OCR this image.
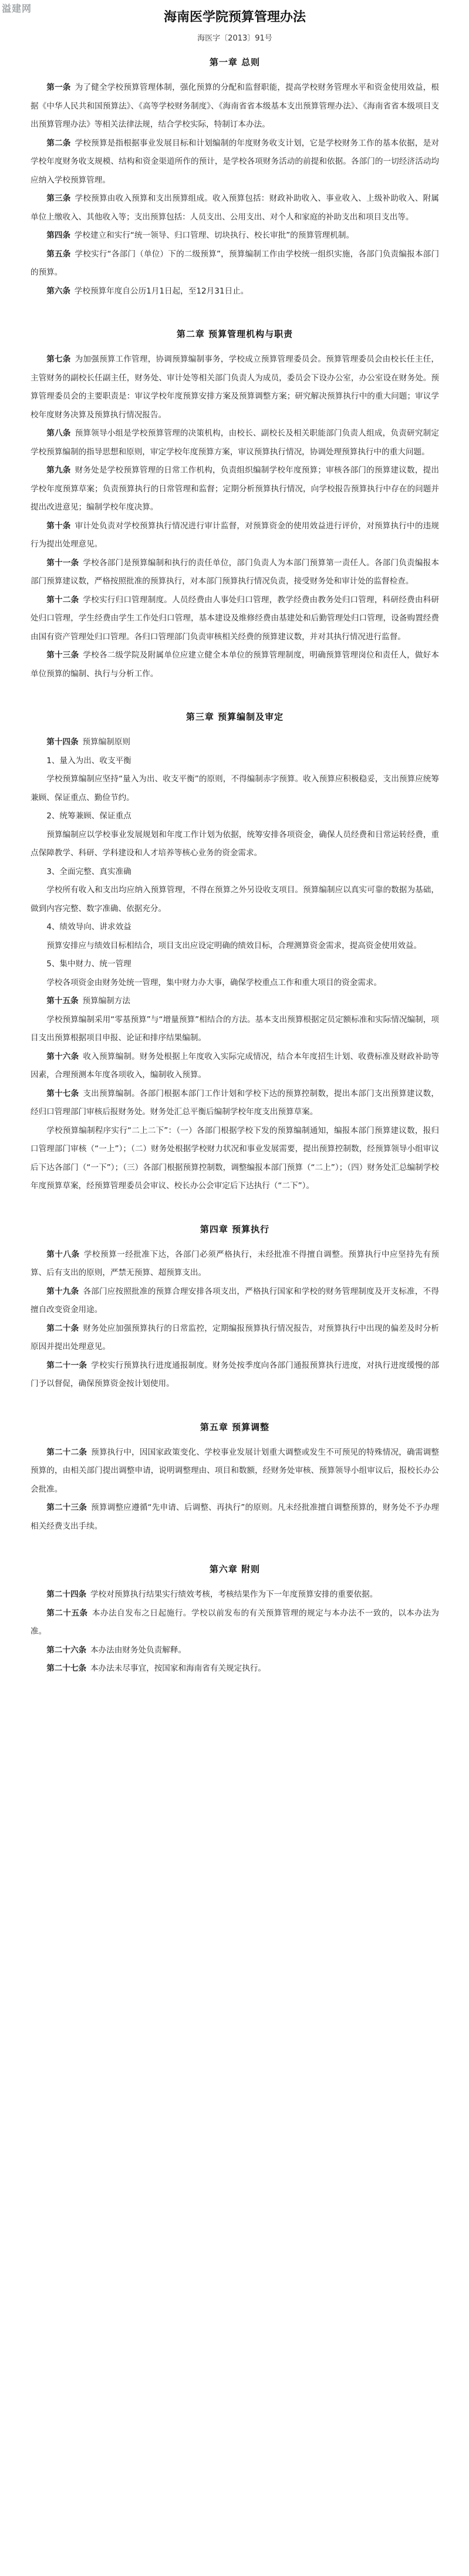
溢建网
海南医学院预算管理办法
海医字〔2013〕91号
第一章 总则

第一条  为了健全学校预算管理体制，强化预算的分配和监督职能，提高学校财务管理水平和资金使用效益，根据《中华人民共和国预算法》、《高等学校财务制度》、《海南省省本级基本支出预算管理办法》、《海南省省本级项目支出预算管理办法》等相关法律法规，结合学校实际，特制订本办法。

第二条  学校预算是指根据事业发展目标和计划编制的年度财务收支计划，它是学校财务工作的基本依据，是对学校年度财务收支规模、结构和资金渠道所作的预计，是学校各项财务活动的前提和依据。各部门的一切经济活动均应纳入学校预算管理。

第三条  学校预算由收入预算和支出预算组成。收入预算包括：财政补助收入、事业收入、上级补助收入、附属单位上缴收入、其他收入等；支出预算包括：人员支出、公用支出、对个人和家庭的补助支出和项目支出等。

第四条  学校建立和实行“统一领导、归口管理、切块执行、校长审批”的预算管理机制。

第五条  学校实行“各部门（单位）下的二级预算”，预算编制工作由学校统一组织实施，各部门负责编报本部门的预算。

第六条  学校预算年度自公历1月1日起，至12月31日止。

第二章 预算管理机构与职责

第七条  为加强预算工作管理，协调预算编制事务，学校成立预算管理委员会。预算管理委员会由校长任主任，主管财务的副校长任副主任，财务处、审计处等相关部门负责人为成员，委员会下设办公室，办公室设在财务处。预算管理委员会的主要职责是：审议学校年度预算安排方案及预算调整方案；研究解决预算执行中的重大问题；审议学校年度财务决算及预算执行情况报告。

第八条  预算领导小组是学校预算管理的决策机构，由校长、副校长及相关职能部门负责人组成，负责研究制定学校预算编制的指导思想和原则，审定学校年度预算方案，审议预算执行情况，协调处理预算执行中的重大问题。

第九条  财务处是学校预算管理的日常工作机构，负责组织编制学校年度预算；审核各部门的预算建议数，提出学校年度预算草案；负责预算执行的日常管理和监督；定期分析预算执行情况，向学校报告预算执行中存在的问题并提出改进意见；编制学校年度决算。

第十条  审计处负责对学校预算执行情况进行审计监督，对预算资金的使用效益进行评价，对预算执行中的违规行为提出处理意见。

第十一条  学校各部门是预算编制和执行的责任单位，部门负责人为本部门预算第一责任人。各部门负责编报本部门预算建议数，严格按照批准的预算执行，对本部门预算执行情况负责，接受财务处和审计处的监督检查。

第十二条  学校实行归口管理制度。人员经费由人事处归口管理，教学经费由教务处归口管理，科研经费由科研处归口管理，学生经费由学生工作处归口管理，基本建设及维修经费由基建处和后勤管理处归口管理，设备购置经费由国有资产管理处归口管理。各归口管理部门负责审核相关经费的预算建议数，并对其执行情况进行监督。

第十三条  学校各二级学院及附属单位应建立健全本单位的预算管理制度，明确预算管理岗位和责任人，做好本单位预算的编制、执行与分析工作。

第三章 预算编制及审定

第十四条  预算编制原则

1、量入为出、收支平衡

学校预算编制应坚持“量入为出、收支平衡”的原则，不得编制赤字预算。收入预算应积极稳妥，支出预算应统筹兼顾、保证重点、勤俭节约。

2、统筹兼顾、保证重点

预算编制应以学校事业发展规划和年度工作计划为依据，统筹安排各项资金，确保人员经费和日常运转经费，重点保障教学、科研、学科建设和人才培养等核心业务的资金需求。

3、全面完整、真实准确

学校所有收入和支出均应纳入预算管理，不得在预算之外另设收支项目。预算编制应以真实可靠的数据为基础，做到内容完整、数字准确、依据充分。

4、绩效导向、讲求效益

预算安排应与绩效目标相结合，项目支出应设定明确的绩效目标，合理测算资金需求，提高资金使用效益。

5、集中财力、统一管理

学校各项资金由财务处统一管理，集中财力办大事，确保学校重点工作和重大项目的资金需求。

第十五条  预算编制方法

学校预算编制采用“零基预算”与“增量预算”相结合的方法。基本支出预算根据定员定额标准和实际情况编制，项目支出预算根据项目申报、论证和排序结果编制。

第十六条  收入预算编制。财务处根据上年度收入实际完成情况，结合本年度招生计划、收费标准及财政补助等因素，合理预测本年度各项收入，编制收入预算。

第十七条  支出预算编制。各部门根据本部门工作计划和学校下达的预算控制数，提出本部门支出预算建议数，经归口管理部门审核后报财务处。财务处汇总平衡后编制学校年度支出预算草案。

学校预算编制程序实行“二上二下”：（一）各部门根据学校下发的预算编制通知，编报本部门预算建议数，报归口管理部门审核（“一上”）；（二）财务处根据学校财力状况和事业发展需要，提出预算控制数，经预算领导小组审议后下达各部门（“一下”）；（三）各部门根据预算控制数，调整编报本部门预算（“二上”）；（四）财务处汇总编制学校年度预算草案，经预算管理委员会审议、校长办公会审定后下达执行（“二下”）。

第四章 预算执行

第十八条  学校预算一经批准下达，各部门必须严格执行，未经批准不得擅自调整。预算执行中应坚持先有预算、后有支出的原则，严禁无预算、超预算支出。

第十九条  各部门应按照批准的预算合理安排各项支出，严格执行国家和学校的财务管理制度及开支标准，不得擅自改变资金用途。

第二十条  财务处应加强预算执行的日常监控，定期编报预算执行情况报告，对预算执行中出现的偏差及时分析原因并提出处理意见。

第二十一条  学校实行预算执行进度通报制度。财务处按季度向各部门通报预算执行进度，对执行进度缓慢的部门予以督促，确保预算资金按计划使用。

第五章 预算调整

第二十二条  预算执行中，因国家政策变化、学校事业发展计划重大调整或发生不可预见的特殊情况，确需调整预算的，由相关部门提出调整申请，说明调整理由、项目和数额，经财务处审核、预算领导小组审议后，报校长办公会批准。

第二十三条  预算调整应遵循“先申请、后调整、再执行”的原则。凡未经批准擅自调整预算的，财务处不予办理相关经费支出手续。

第六章 附则

第二十四条  学校对预算执行结果实行绩效考核，考核结果作为下一年度预算安排的重要依据。

第二十五条  本办法自发布之日起施行。学校以前发布的有关预算管理的规定与本办法不一致的，以本办法为准。

第二十六条  本办法由财务处负责解释。

第二十七条  本办法未尽事宜，按国家和海南省有关规定执行。
